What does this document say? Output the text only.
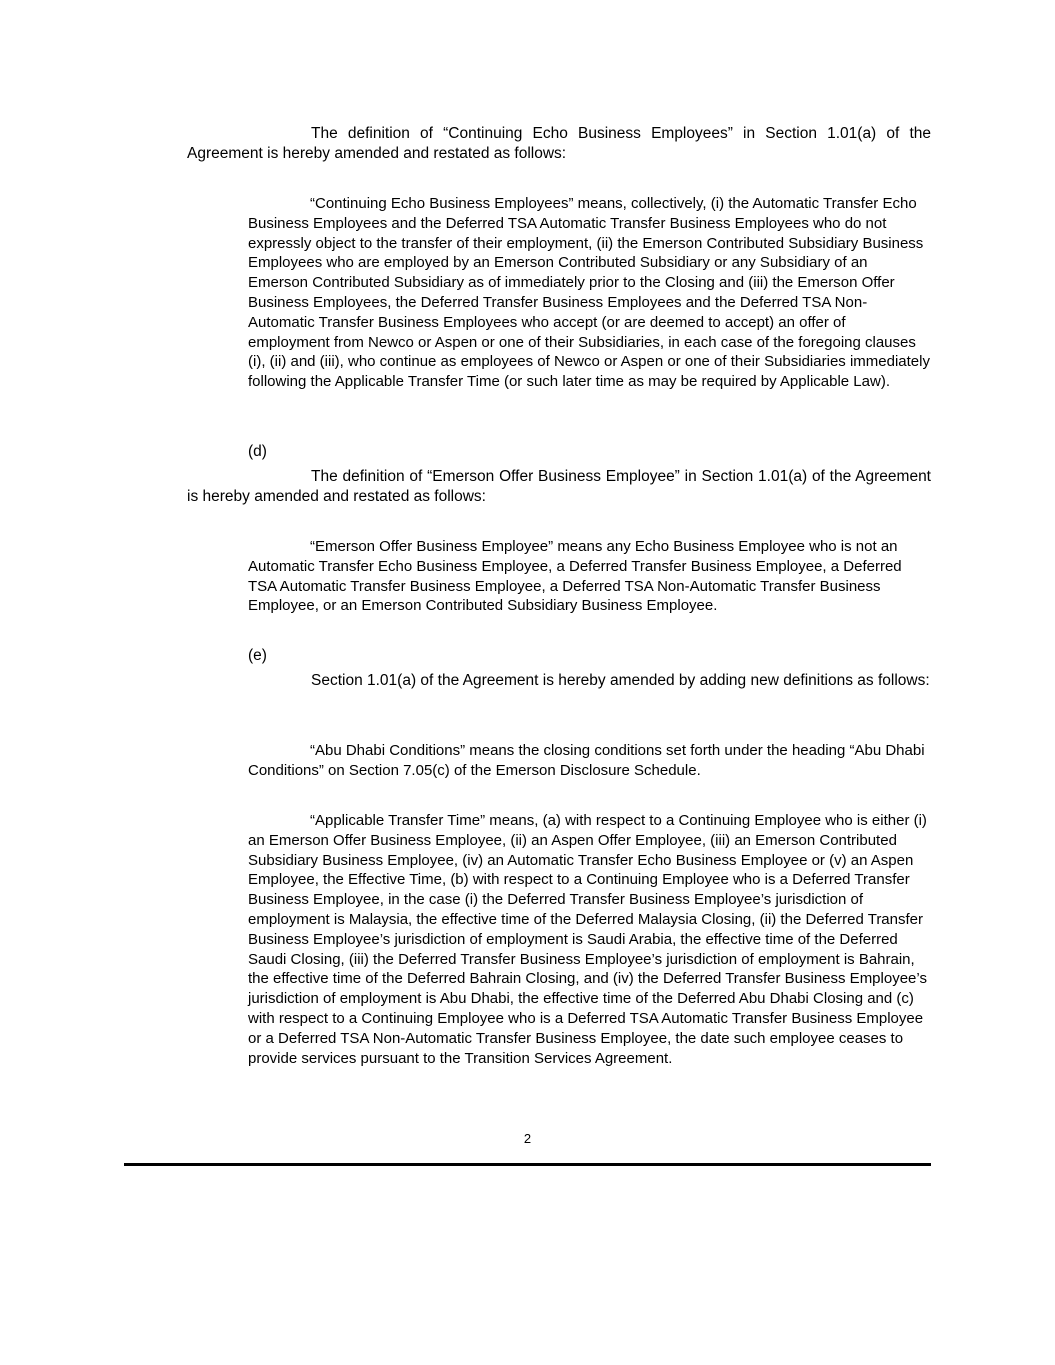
The definition of “Continuing Echo Business Employees” in Section 1.01(a) of the Agreement is hereby amended and restated as follows:

“Continuing Echo Business Employees” means, collectively, (i) the Automatic Transfer Echo Business Employees and the Deferred TSA Automatic Transfer Business Employees who do not expressly object to the transfer of their employment, (ii) the Emerson Contributed Subsidiary Business Employees who are employed by an Emerson Contributed Subsidiary or any Subsidiary of an Emerson Contributed Subsidiary as of immediately prior to the Closing and (iii) the Emerson Offer Business Employees, the Deferred Transfer Business Employees and the Deferred TSA Non-Automatic Transfer Business Employees who accept (or are deemed to accept) an offer of employment from Newco or Aspen or one of their Subsidiaries, in each case of the foregoing clauses (i), (ii) and (iii), who continue as employees of Newco or Aspen or one of their Subsidiaries immediately following the Applicable Transfer Time (or such later time as may be required by Applicable Law).

(d)

The definition of “Emerson Offer Business Employee” in Section 1.01(a) of the Agreement is hereby amended and restated as follows:

“Emerson Offer Business Employee” means any Echo Business Employee who is not an Automatic Transfer Echo Business Employee, a Deferred Transfer Business Employee, a Deferred TSA Automatic Transfer Business Employee, a Deferred TSA Non-Automatic Transfer Business Employee, or an Emerson Contributed Subsidiary Business Employee.

(e)

Section 1.01(a) of the Agreement is hereby amended by adding new definitions as follows:

“Abu Dhabi Conditions” means the closing conditions set forth under the heading “Abu Dhabi Conditions” on Section 7.05(c) of the Emerson Disclosure Schedule.

“Applicable Transfer Time” means, (a) with respect to a Continuing Employee who is either (i) an Emerson Offer Business Employee, (ii) an Aspen Offer Employee, (iii) an Emerson Contributed Subsidiary Business Employee, (iv) an Automatic Transfer Echo Business Employee or (v) an Aspen Employee, the Effective Time, (b) with respect to a Continuing Employee who is a Deferred Transfer Business Employee, in the case (i) the Deferred Transfer Business Employee’s jurisdiction of employment is Malaysia, the effective time of the Deferred Malaysia Closing, (ii) the Deferred Transfer Business Employee’s jurisdiction of employment is Saudi Arabia, the effective time of the Deferred Saudi Closing, (iii) the Deferred Transfer Business Employee’s jurisdiction of employment is Bahrain, the effective time of the Deferred Bahrain Closing, and (iv) the Deferred Transfer Business Employee’s jurisdiction of employment is Abu Dhabi, the effective time of the Deferred Abu Dhabi Closing and (c) with respect to a Continuing Employee who is a Deferred TSA Automatic Transfer Business Employee or a Deferred TSA Non-Automatic Transfer Business Employee, the date such employee ceases to provide services pursuant to the Transition Services Agreement.

2
